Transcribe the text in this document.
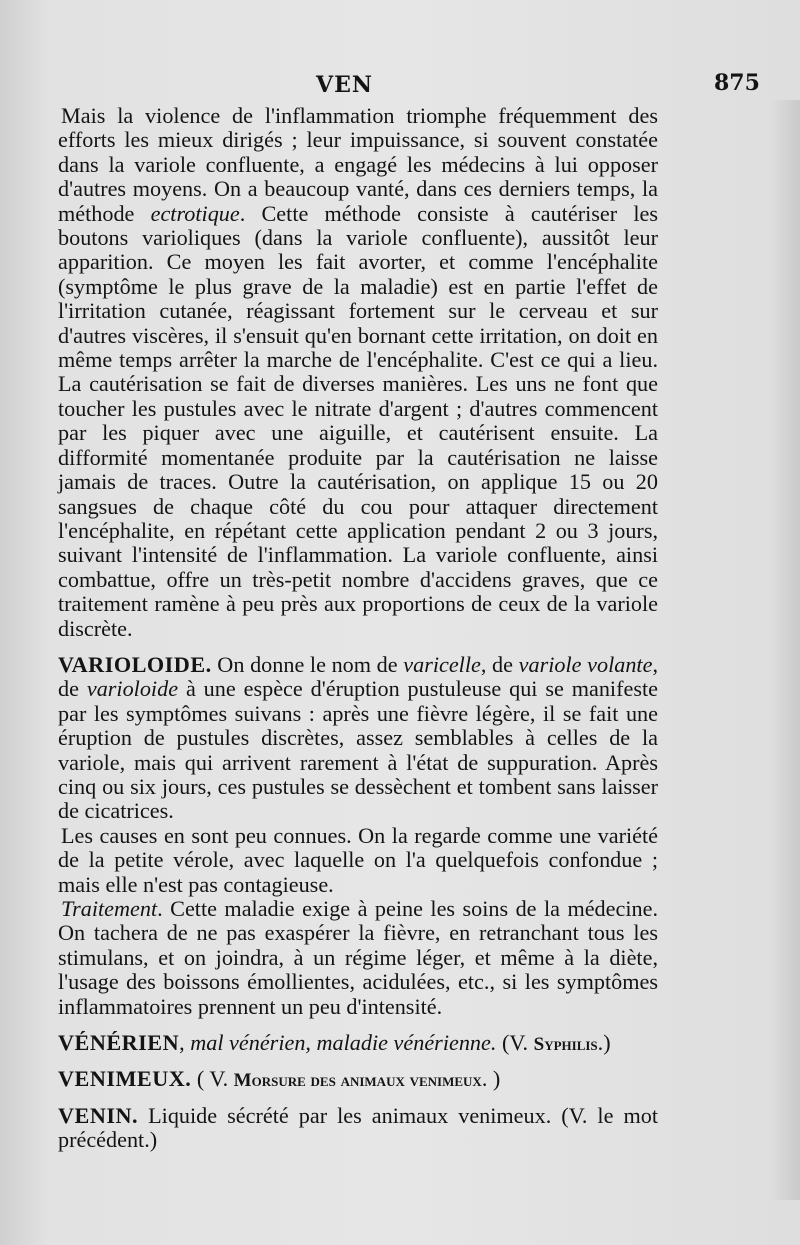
VEN	875

Mais la violence de l'inflammation triomphe fréquemment des efforts les mieux dirigés ; leur impuissance, si souvent constatée dans la variole confluente, a engagé les médecins à lui opposer d'autres moyens. On a beaucoup vanté, dans ces derniers temps, la méthode ectrotique. Cette méthode consiste à cautériser les boutons varioliques (dans la variole confluente), aussitôt leur apparition. Ce moyen les fait avorter, et comme l'encéphalite (symptôme le plus grave de la maladie) est en partie l'effet de l'irritation cutanée, réagissant fortement sur le cerveau et sur d'autres viscères, il s'ensuit qu'en bornant cette irritation, on doit en même temps arrêter la marche de l'encéphalite. C'est ce qui a lieu. La cautérisation se fait de diverses manières. Les uns ne font que toucher les pustules avec le nitrate d'argent ; d'autres commencent par les piquer avec une aiguille, et cautérisent ensuite. La difformité momentanée produite par la cautérisation ne laisse jamais de traces. Outre la cautérisation, on applique 15 ou 20 sangsues de chaque côté du cou pour attaquer directement l'encéphalite, en répétant cette application pendant 2 ou 3 jours, suivant l'intensité de l'inflammation. La variole confluente, ainsi combattue, offre un très-petit nombre d'accidens graves, que ce traitement ramène à peu près aux proportions de ceux de la variole discrète.

VARIOLOIDE. On donne le nom de varicelle, de variole volante, de varioloide à une espèce d'éruption pustuleuse qui se manifeste par les symptômes suivans : après une fièvre légère, il se fait une éruption de pustules discrètes, assez semblables à celles de la variole, mais qui arrivent rarement à l'état de suppuration. Après cinq ou six jours, ces pustules se dessèchent et tombent sans laisser de cicatrices.

Les causes en sont peu connues. On la regarde comme une variété de la petite vérole, avec laquelle on l'a quelquefois confondue ; mais elle n'est pas contagieuse.

Traitement. Cette maladie exige à peine les soins de la médecine. On tachera de ne pas exaspérer la fièvre, en retranchant tous les stimulans, et on joindra, à un régime léger, et même à la diète, l'usage des boissons émollientes, acidulées, etc., si les symptômes inflammatoires prennent un peu d'intensité.

VÉNÉRIEN, mal vénérien, maladie vénérienne. (V. Syphilis.)

VENIMEUX. ( V. Morsure des animaux venimeux. )

VENIN. Liquide sécrété par les animaux venimeux. (V. le mot précédent.)
